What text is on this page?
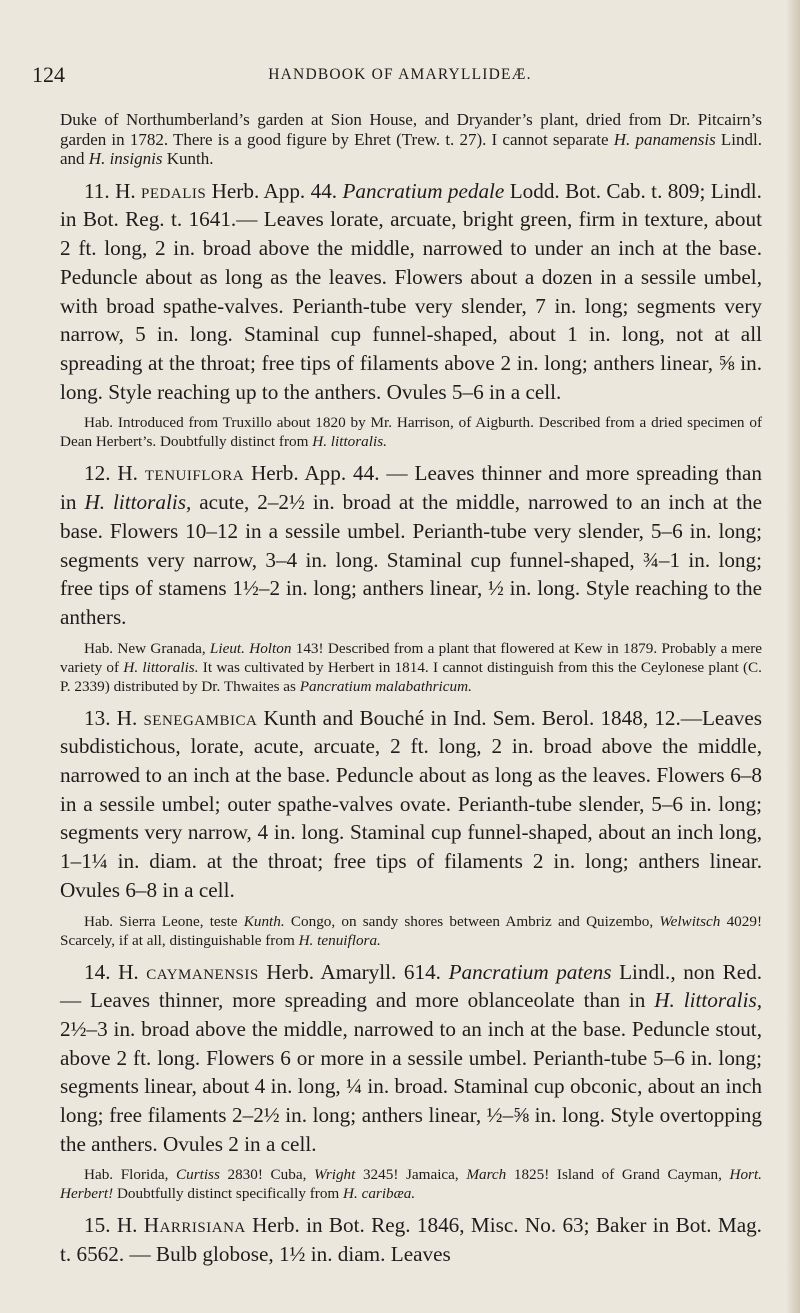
124	HANDBOOK OF AMARYLLIDEÆ.

Duke of Northumberland’s garden at Sion House, and Dryander’s plant, dried from Dr. Pitcairn’s garden in 1782. There is a good figure by Ehret (Trew. t. 27). I cannot separate H. panamensis Lindl. and H. insignis Kunth.

11. H. pedalis Herb. App. 44. Pancratium pedale Lodd. Bot. Cab. t. 809; Lindl. in Bot. Reg. t. 1641.— Leaves lorate, arcuate, bright green, firm in texture, about 2 ft. long, 2 in. broad above the middle, narrowed to under an inch at the base. Peduncle about as long as the leaves. Flowers about a dozen in a sessile umbel, with broad spathe-valves. Perianth-tube very slender, 7 in. long; segments very narrow, 5 in. long. Staminal cup funnel-shaped, about 1 in. long, not at all spreading at the throat; free tips of filaments above 2 in. long; anthers linear, ⅝ in. long. Style reaching up to the anthers. Ovules 5–6 in a cell.

Hab. Introduced from Truxillo about 1820 by Mr. Harrison, of Aigburth. Described from a dried specimen of Dean Herbert’s. Doubtfully distinct from H. littoralis.

12. H. tenuiflora Herb. App. 44. — Leaves thinner and more spreading than in H. littoralis, acute, 2–2½ in. broad at the middle, narrowed to an inch at the base. Flowers 10–12 in a sessile umbel. Perianth-tube very slender, 5–6 in. long; segments very narrow, 3–4 in. long. Staminal cup funnel-shaped, ¾–1 in. long; free tips of stamens 1½–2 in. long; anthers linear, ½ in. long. Style reaching to the anthers.

Hab. New Granada, Lieut. Holton 143! Described from a plant that flowered at Kew in 1879. Probably a mere variety of H. littoralis. It was cultivated by Herbert in 1814. I cannot distinguish from this the Ceylonese plant (C. P. 2339) distributed by Dr. Thwaites as Pancratium malabathricum.

13. H. senegambica Kunth and Bouché in Ind. Sem. Berol. 1848, 12.—Leaves subdistichous, lorate, acute, arcuate, 2 ft. long, 2 in. broad above the middle, narrowed to an inch at the base. Peduncle about as long as the leaves. Flowers 6–8 in a sessile umbel; outer spathe-valves ovate. Perianth-tube slender, 5–6 in. long; segments very narrow, 4 in. long. Staminal cup funnel-shaped, about an inch long, 1–1¼ in. diam. at the throat; free tips of filaments 2 in. long; anthers linear. Ovules 6–8 in a cell.

Hab. Sierra Leone, teste Kunth. Congo, on sandy shores between Ambriz and Quizembo, Welwitsch 4029! Scarcely, if at all, distinguishable from H. tenuiflora.

14. H. caymanensis Herb. Amaryll. 614. Pancratium patens Lindl., non Red. — Leaves thinner, more spreading and more oblanceolate than in H. littoralis, 2½–3 in. broad above the middle, narrowed to an inch at the base. Peduncle stout, above 2 ft. long. Flowers 6 or more in a sessile umbel. Perianth-tube 5–6 in. long; segments linear, about 4 in. long, ¼ in. broad. Staminal cup obconic, about an inch long; free filaments 2–2½ in. long; anthers linear, ½–⅝ in. long. Style overtopping the anthers. Ovules 2 in a cell.

Hab. Florida, Curtiss 2830! Cuba, Wright 3245! Jamaica, March 1825! Island of Grand Cayman, Hort. Herbert! Doubtfully distinct specifically from H. caribæa.

15. H. Harrisiana Herb. in Bot. Reg. 1846, Misc. No. 63; Baker in Bot. Mag. t. 6562. — Bulb globose, 1½ in. diam. Leaves
